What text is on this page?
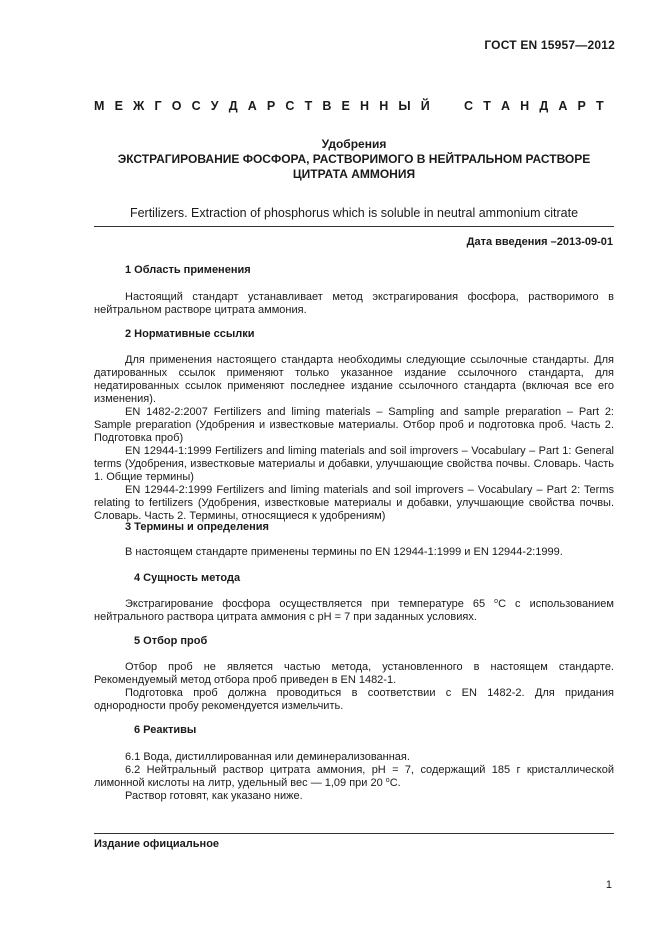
ГОСТ EN 15957—2012
М Е Ж Г О С У Д А Р С Т В Е Н Н Ы Й	С Т А Н Д А Р Т
Удобрения
ЭКСТРАГИРОВАНИЕ ФОСФОРА, РАСТВОРИМОГО В НЕЙТРАЛЬНОМ РАСТВОРЕ
ЦИТРАТА АММОНИЯ
Fertilizers. Extraction of phosphorus which is soluble in neutral ammonium citrate
Дата введения –2013-09-01
1 Область применения

Настоящий стандарт устанавливает метод экстрагирования фосфора, растворимого в нейтральном растворе цитрата аммония.

2 Нормативные ссылки

Для применения настоящего стандарта необходимы следующие ссылочные стандарты. Для датированных ссылок применяют только указанное издание ссылочного стандарта, для недатированных ссылок применяют последнее издание ссылочного стандарта (включая все его изменения).

EN 1482-2:2007 Fertilizers and liming materials – Sampling and sample preparation – Part 2: Sample preparation (Удобрения и известковые материалы. Отбор проб и подготовка проб. Часть 2. Подготовка проб)

EN 12944-1:1999 Fertilizers and liming materials and soil improvers – Vocabulary – Part 1: General terms (Удобрения, известковые материалы и добавки, улучшающие свойства почвы. Словарь. Часть 1. Общие термины)

EN 12944-2:1999 Fertilizers and liming materials and soil improvers – Vocabulary – Part 2: Terms relating to fertilizers (Удобрения, известковые материалы и добавки, улучшающие свойства почвы. Словарь. Часть 2. Термины, относящиеся к удобрениям)

3 Термины и определения

В настоящем стандарте применены термины по EN 12944-1:1999 и EN 12944-2:1999.

4 Сущность метода

Экстрагирование фосфора осуществляется при температуре 65 $^о$С с использованием нейтрального раствора цитрата аммония с pH = 7 при заданных условиях.

5 Отбор проб

Отбор проб не является частью метода, установленного в настоящем стандарте. Рекомендуемый метод отбора проб приведен в EN 1482-1.

Подготовка проб должна проводиться в соответствии с EN 1482-2. Для придания однородности пробу рекомендуется измельчить.

6 Реактивы

6.1 Вода, дистиллированная или деминерализованная.

6.2 Нейтральный раствор цитрата аммония, pH = 7, содержащий 185 г кристаллической лимонной кислоты на литр, удельный вес — 1,09 при 20 $^о$С.

Раствор готовят, как указано ниже.

Издание официальное
1
